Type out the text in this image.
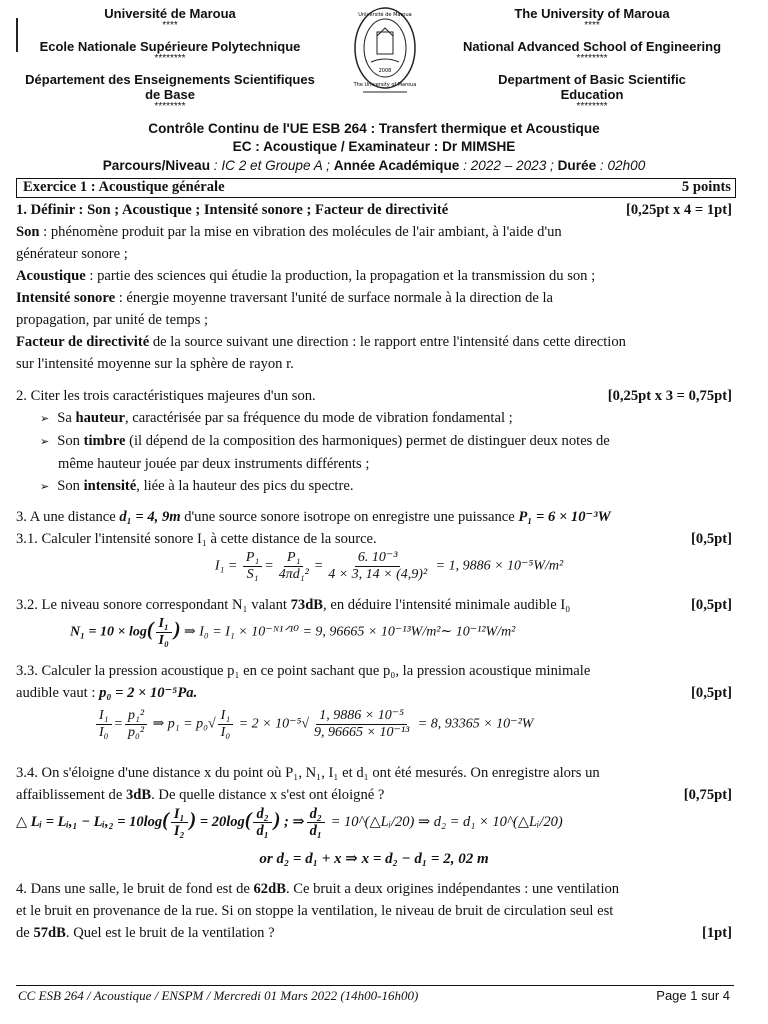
Université de Maroua
****
Ecole Nationale Supérieure Polytechnique
********
Département des Enseignements Scientifiques
de Base
********
2008
Université de Maroua
The University of Maroua
The University of Maroua
****
National Advanced School of Engineering
********
Department of Basic Scientific
Education
********
Contrôle Continu de l'UE ESB 264 : Transfert thermique et Acoustique
EC : Acoustique / Examinateur : Dr MIMSHE
Parcours/Niveau : IC 2 et Groupe A ; Année Académique : 2022 – 2023 ; Durée : 02h00
Exercice 1 : Acoustique générale	5 points
1. Définir : Son ; Acoustique ; Intensité sonore ; Facteur de directivité	[0,25pt x 4 = 1pt]
Son : phénomène produit par la mise en vibration des molécules de l'air ambiant, à l'aide d'un
générateur sonore ;
Acoustique : partie des sciences qui étudie la production, la propagation et la transmission du son ;
Intensité sonore : énergie moyenne traversant l'unité de surface normale à la direction de la
propagation, par unité de temps ;
Facteur de directivité de la source suivant une direction : le rapport entre l'intensité dans cette direction
sur l'intensité moyenne sur la sphère de rayon r.
2. Citer les trois caractéristiques majeures d'un son.	[0,25pt x 3 = 0,75pt]
➢ Sa hauteur, caractérisée par sa fréquence du mode de vibration fondamental ;
➢ Son timbre (il dépend de la composition des harmoniques) permet de distinguer deux notes de
même hauteur jouée par deux instruments différents ;
➢ Son intensité, liée à la hauteur des pics du spectre.
3. A une distance d₁ = 4, 9m d'une source sonore isotrope on enregistre une puissance P₁ = 6 × 10⁻³W
3.1. Calculer l'intensité sonore I₁ à cette distance de la source.	[0,5pt]
$I_1 = \frac{\text{P₁}}{\text{S₁}} = \frac{\text{P₁}}{\text{4πd₁²}} = \frac{\text{6. 10⁻³}}{\text{4 × 3, 14 × (4,9)²}} = 1$, 9886 × 10⁻⁵W/m²
3.2. Le niveau sonore correspondant N₁ valant 73dB, en déduire l'intensité minimale audible I₀	[0,5pt]
$N_1 = 10 \times \log( \frac{\text{I₁}}{\text{I₀}}$ ) ⇒ I₀ = I₁ × 10⁻ᴺ¹ᐟ¹⁰ = 9, 96665 × 10⁻¹³W/m²∼ 10⁻¹²W/m²
3.3. Calculer la pression acoustique p₁ en ce point sachant que p₀, la pression acoustique minimale
audible vaut : p₀ = 2 × 10⁻⁵Pa.	[0,5pt]
$\frac{\text{I₁}}{\text{I₀}} = \frac{\text{p₁²}}{\text{p₀²}}$ ⇒ $p_1 = p_0√ \frac{\text{I₁}}{\text{I₀}} = 2 \times 10^{-5}√ \frac{\text{1, 9886 × 10⁻⁵}}{\text{9, 96665 × 10⁻¹³}} = 8$, 93365 × 10⁻²W
3.4. On s'éloigne d'une distance x du point où P₁, N₁, I₁ et d₁ ont été mesurés. On enregistre alors un
affaiblissement de 3dB. De quelle distance x s'est ont éloigné ?	[0,75pt]
△ Lᵢ = Lᵢ,₁ − Lᵢ,₂ = $10\log( \frac{\text{I₁}}{\text{I₂}}$ ) = $20\log( \frac{\text{d₂}}{\text{d₁}}$ ) ; ⇒ $\frac{\text{d₂}}{\text{d₁}}$ = 10^(△Lᵢ/20) ⇒ d₂ = d₁ × 10^(△Lᵢ/20)
or d₂ = d₁ + x ⇒ x = d₂ − d₁ = 2, 02 m
4. Dans une salle, le bruit de fond est de 62dB. Ce bruit a deux origines indépendantes : une ventilation
et le bruit en provenance de la rue. Si on stoppe la ventilation, le niveau de bruit de circulation seul est
de 57dB. Quel est le bruit de la ventilation ?	[1pt]
CC ESB 264 / Acoustique / ENSPM / Mercredi 01 Mars 2022 (14h00-16h00)	Page 1 sur 4
